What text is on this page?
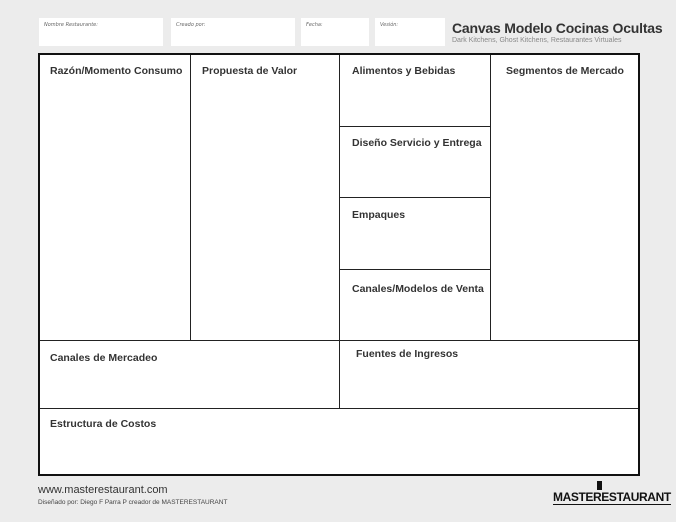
Nombre Restaurante:	Creado por:	Fecha:	Vesión:	Canvas Modelo Cocinas Ocultas
Dark Kitchens, Ghost Kitchens, Restaurantes Virtuales
Razón/Momento Consumo Propuesta de Valor	Alimentos y Bebidas
Diseño Servicio y Entrega
Empaques
Canales/Modelos de Venta
Segmentos de Mercado
Canales de Mercadeo	Fuentes de Ingresos
Estructura de Costos
www.masterestaurant.com
Diseñado por: Diego F Parra P creador de MASTERESTAURANT	MASTERESTAURANT
